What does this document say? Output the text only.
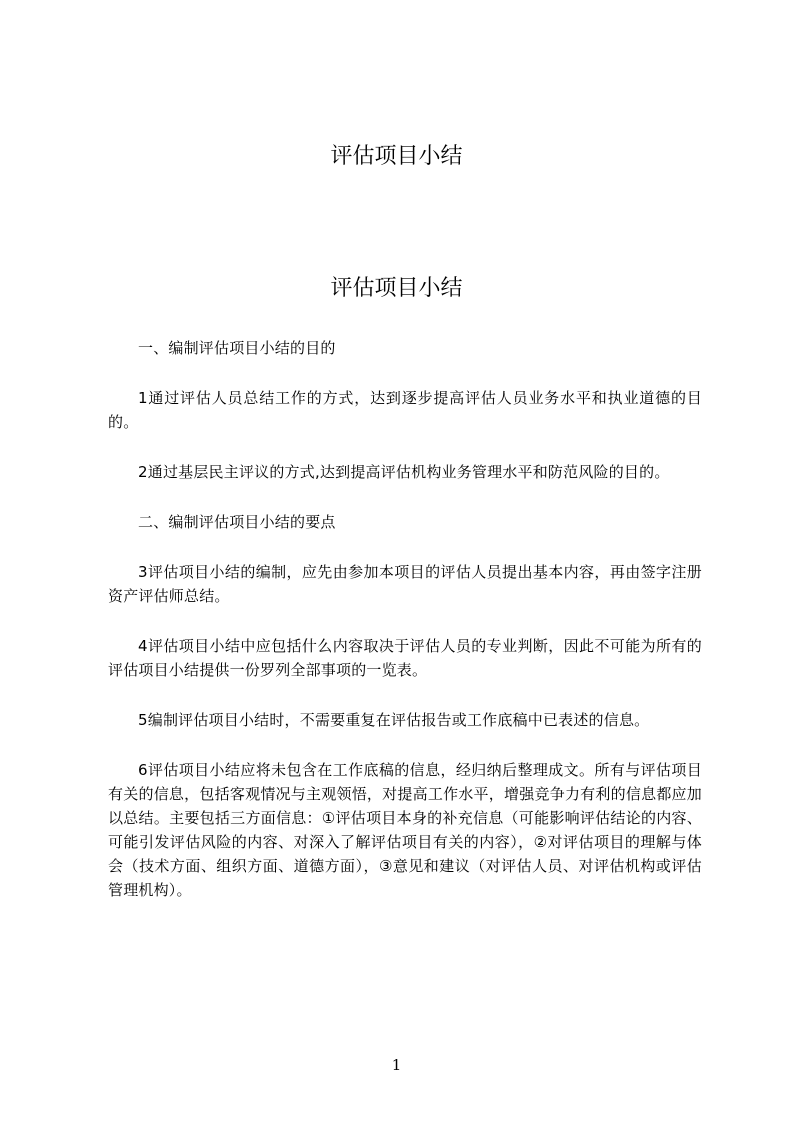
评估项目小结
评估项目小结

一、编制评估项目小结的目的

1通过评估人员总结工作的方式，达到逐步提高评估人员业务水平和执业道德的目的。

2通过基层民主评议的方式,达到提高评估机构业务管理水平和防范风险的目的。

二、编制评估项目小结的要点

3评估项目小结的编制，应先由参加本项目的评估人员提出基本内容，再由签字注册资产评估师总结。

4评估项目小结中应包括什么内容取决于评估人员的专业判断，因此不可能为所有的评估项目小结提供一份罗列全部事项的一览表。

5编制评估项目小结时，不需要重复在评估报告或工作底稿中已表述的信息。

6评估项目小结应将未包含在工作底稿的信息，经归纳后整理成文。所有与评估项目有关的信息，包括客观情况与主观领悟，对提高工作水平，增强竞争力有利的信息都应加以总结。主要包括三方面信息：①评估项目本身的补充信息（可能影响评估结论的内容、可能引发评估风险的内容、对深入了解评估项目有关的内容），②对评估项目的理解与体会（技术方面、组织方面、道德方面），③意见和建议（对评估人员、对评估机构或评估管理机构）。

1
